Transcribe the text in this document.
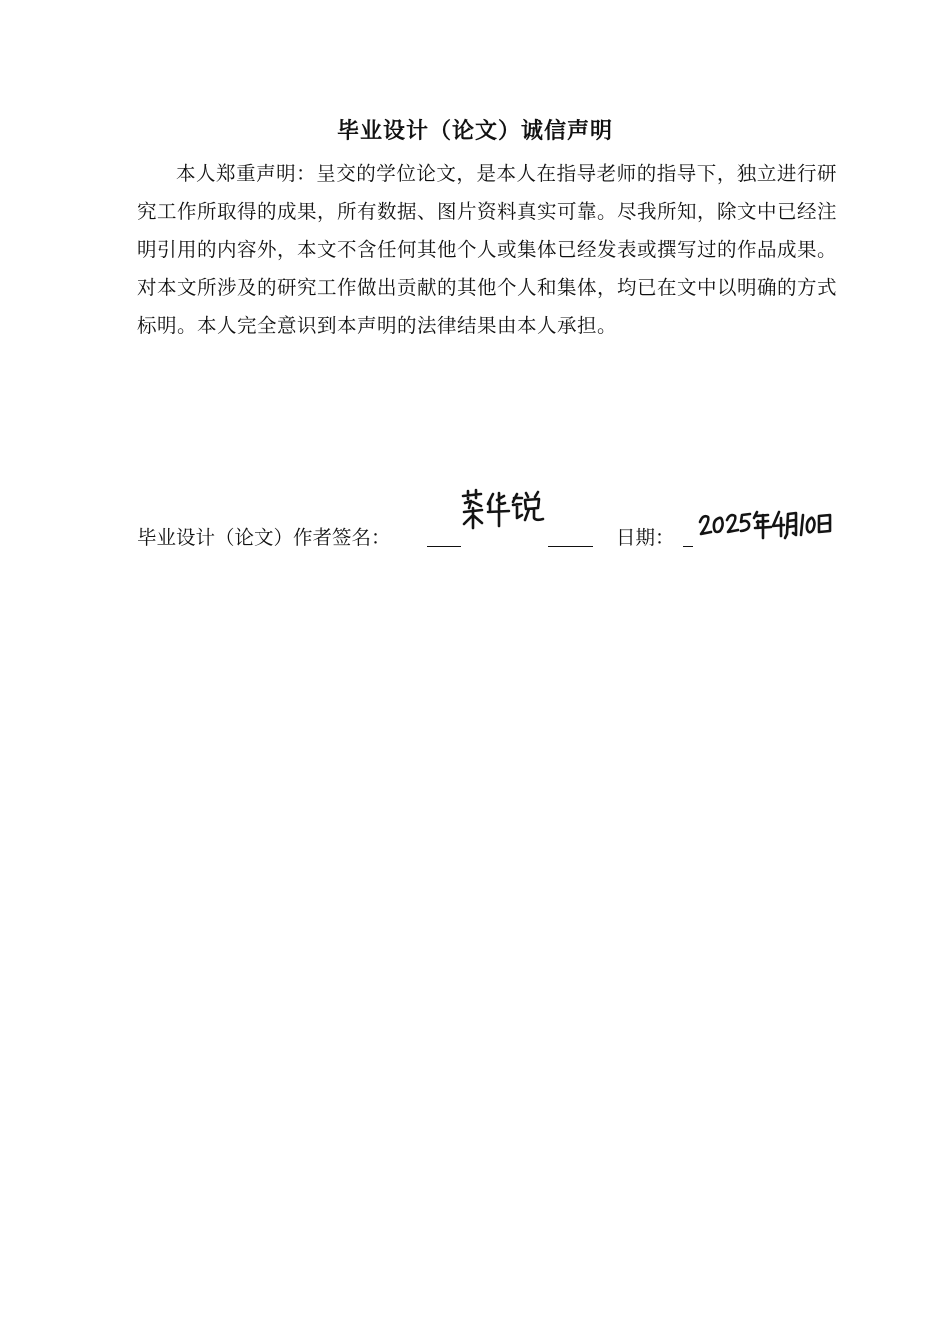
毕业设计（论文）诚信声明

本人郑重声明：呈交的学位论文，是本人在指导老师的指导下，独立进行研究工作所取得的成果，所有数据、图片资料真实可靠。尽我所知，除文中已经注明引用的内容外，本文不含任何其他个人或集体已经发表或撰写过的作品成果。对本文所涉及的研究工作做出贡献的其他个人和集体，均已在文中以明确的方式标明。本人完全意识到本声明的法律结果由本人承担。

毕业设计（论文）作者签名：	日期：
